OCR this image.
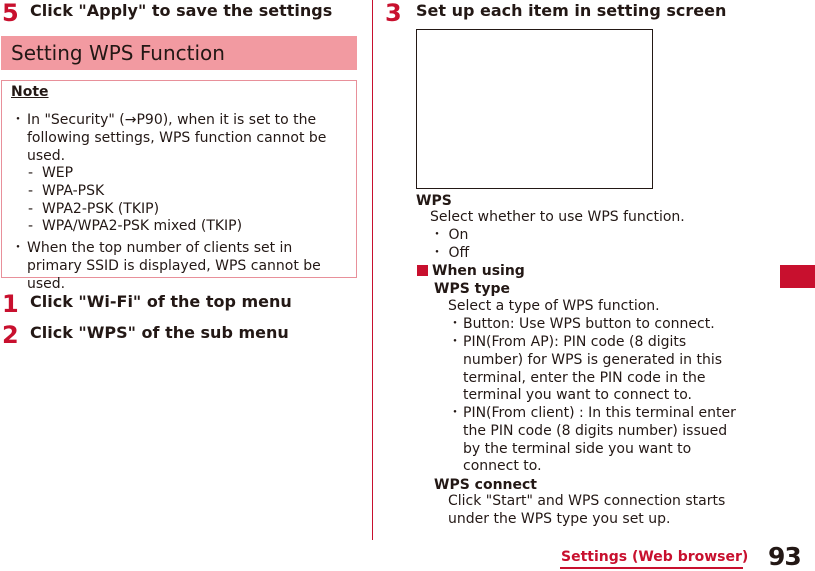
5 Click "Apply" to save the settings
Setting WPS Function
Note
・ In "Security" (→P90), when it is set to the following settings, WPS function cannot be used.
-  WEP
-  WPA-PSK
-  WPA2-PSK (TKIP)
-  WPA/WPA2-PSK mixed (TKIP)
・ When the top number of clients set in primary SSID is displayed, WPS cannot be used.
1 Click "Wi-Fi" of the top menu
2 Click "WPS" of the sub menu
3 Set up each item in setting screen
WPS
Select whether to use WPS function.
・ On
・ Off
When using
WPS type
Select a type of WPS function.
・ Button: Use WPS button to connect.
・ PIN(From AP): PIN code (8 digits number) for WPS is generated in this terminal, enter the PIN code in the terminal you want to connect to.
・ PIN(From client) : In this terminal enter the PIN code (8 digits number) issued by the terminal side you want to connect to.
WPS connect
Click "Start" and WPS connection starts under the WPS type you set up.
Settings (Web browser) 93
